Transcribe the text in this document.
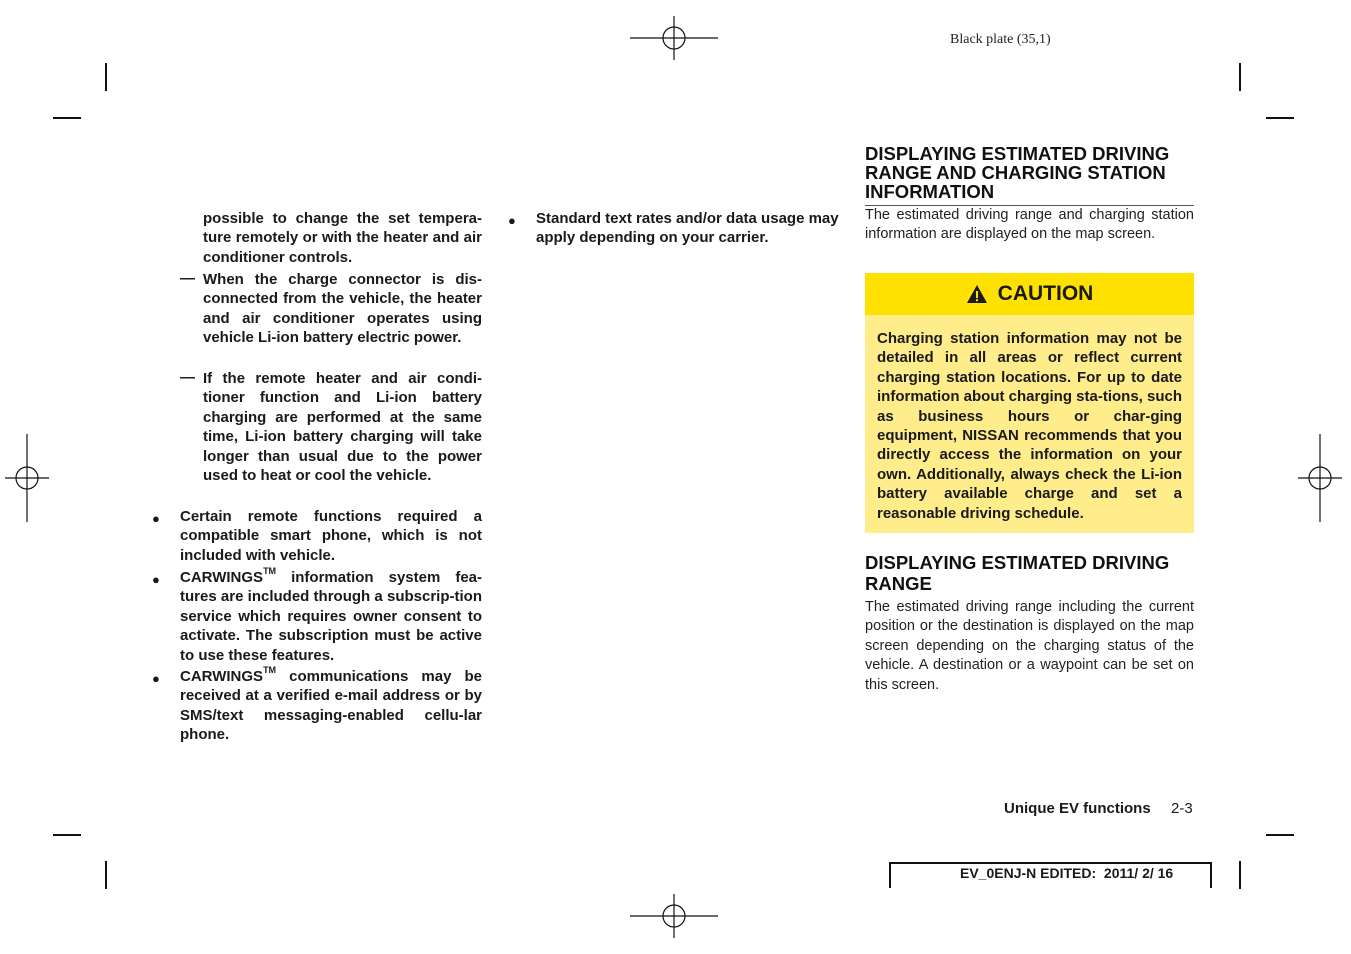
Black plate (35,1)
possible to change the set tempera-ture remotely or with the heater and air conditioner controls.
— When the charge connector is dis-connected from the vehicle, the heater and air conditioner operates using vehicle Li-ion battery electric power.
— If the remote heater and air condi-tioner function and Li-ion battery charging are performed at the same time, Li-ion battery charging will take longer than usual due to the power used to heat or cool the vehicle.
● Certain remote functions required a compatible smart phone, which is not included with vehicle.
● CARWINGS™ information system fea-tures are included through a subscrip-tion service which requires owner consent to activate. The subscription must be active to use these features.
● CARWINGS™ communications may be received at a verified e-mail address or by SMS/text messaging-enabled cellu-lar phone.
● Standard text rates and/or data usage may apply depending on your carrier.
DISPLAYING ESTIMATED DRIVING RANGE AND CHARGING STATION INFORMATION
The estimated driving range and charging station information are displayed on the map screen.
CAUTION
Charging station information may not be detailed in all areas or reflect current charging station locations. For up to date information about charging sta-tions, such as business hours or char-ging equipment, NISSAN recommends that you directly access the information on your own. Additionally, always check the Li-ion battery available charge and set a reasonable driving schedule.
DISPLAYING ESTIMATED DRIVING RANGE
The estimated driving range including the current position or the destination is displayed on the map screen depending on the charging status of the vehicle. A destination or a waypoint can be set on this screen.
Unique EV functions 2-3
EV_0ENJ-N EDITED:  2011/ 2/ 16
